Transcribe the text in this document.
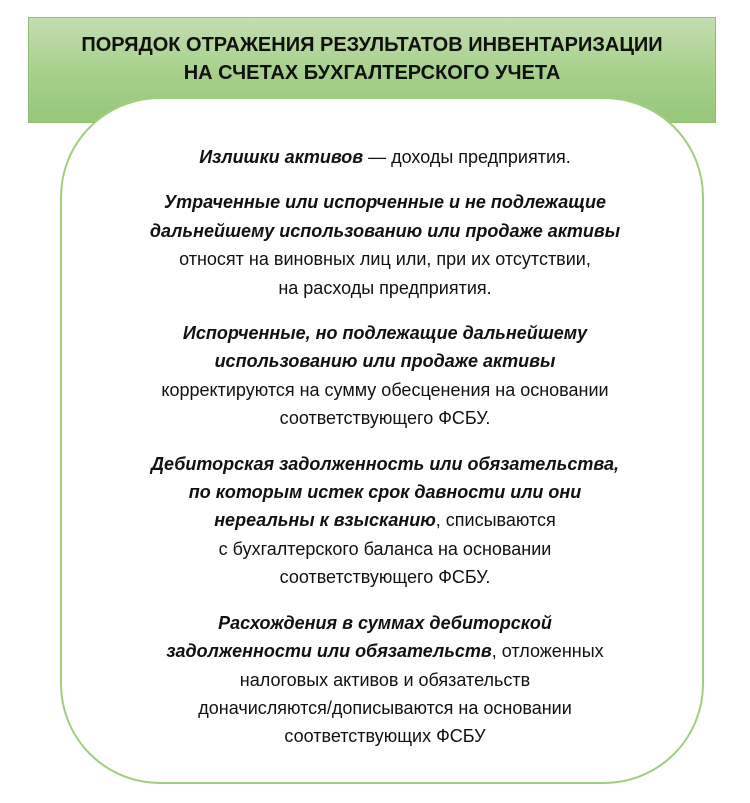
ПОРЯДОК ОТРАЖЕНИЯ РЕЗУЛЬТАТОВ ИНВЕНТАРИЗАЦИИ
НА СЧЕТАХ БУХГАЛТЕРСКОГО УЧЕТА

Излишки активов — доходы предприятия.

Утраченные или испорченные и не подлежащие
дальнейшему использованию или продаже активы
относят на виновных лиц или, при их отсутствии,
на расходы предприятия.

Испорченные, но подлежащие дальнейшему
использованию или продаже активы
корректируются на сумму обесценения на основании
соответствующего ФСБУ.

Дебиторская задолженность или обязательства,
по которым истек срок давности или они
нереальны к взысканию, списываются
с бухгалтерского баланса на основании
соответствующего ФСБУ.

Расхождения в суммах дебиторской
задолженности или обязательств, отложенных
налоговых активов и обязательств
доначисляются/дописываются на основании
соответствующих ФСБУ
